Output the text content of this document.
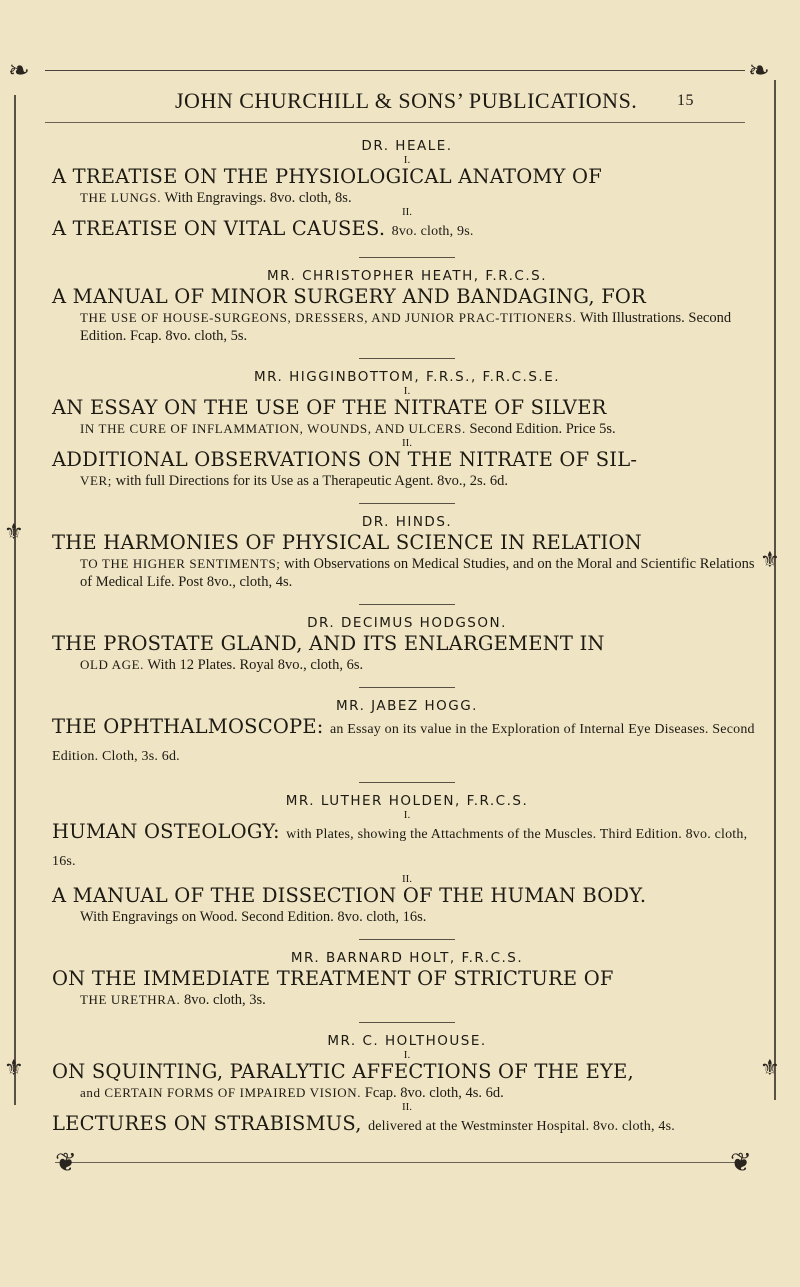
❧	❧
⚜
⚜
⚜	⚜
❦	❦
JOHN CHURCHILL & SONS’ PUBLICATIONS. 15

DR. HEALE.

I.

A TREATISE ON THE PHYSIOLOGICAL ANATOMY OF

THE LUNGS. With Engravings. 8vo. cloth, 8s.

II.

A TREATISE ON VITAL CAUSES. 8vo. cloth, 9s.

MR. CHRISTOPHER HEATH, F.R.C.S.

A MANUAL OF MINOR SURGERY AND BANDAGING, FOR

THE USE OF HOUSE-SURGEONS, DRESSERS, AND JUNIOR PRAC-TITIONERS. With Illustrations. Second Edition. Fcap. 8vo. cloth, 5s.

MR. HIGGINBOTTOM, F.R.S., F.R.C.S.E.

I.

AN ESSAY ON THE USE OF THE NITRATE OF SILVER

IN THE CURE OF INFLAMMATION, WOUNDS, AND ULCERS. Second Edition. Price 5s.

II.

ADDITIONAL OBSERVATIONS ON THE NITRATE OF SIL-

VER; with full Directions for its Use as a Therapeutic Agent. 8vo., 2s. 6d.

DR. HINDS.

THE HARMONIES OF PHYSICAL SCIENCE IN RELATION

TO THE HIGHER SENTIMENTS; with Observations on Medical Studies, and on the Moral and Scientific Relations of Medical Life. Post 8vo., cloth, 4s.

DR. DECIMUS HODGSON.

THE PROSTATE GLAND, AND ITS ENLARGEMENT IN

OLD AGE. With 12 Plates. Royal 8vo., cloth, 6s.

MR. JABEZ HOGG.

THE OPHTHALMOSCOPE: an Essay on its value in the Exploration of Internal Eye Diseases. Second Edition. Cloth, 3s. 6d.

MR. LUTHER HOLDEN, F.R.C.S.

I.

HUMAN OSTEOLOGY: with Plates, showing the Attachments of the Muscles. Third Edition. 8vo. cloth, 16s.

II.

A MANUAL OF THE DISSECTION OF THE HUMAN BODY.

With Engravings on Wood. Second Edition. 8vo. cloth, 16s.

MR. BARNARD HOLT, F.R.C.S.

ON THE IMMEDIATE TREATMENT OF STRICTURE OF

THE URETHRA. 8vo. cloth, 3s.

MR. C. HOLTHOUSE.

I.

ON SQUINTING, PARALYTIC AFFECTIONS OF THE EYE,

and CERTAIN FORMS OF IMPAIRED VISION. Fcap. 8vo. cloth, 4s. 6d.

II.

LECTURES ON STRABISMUS, delivered at the Westminster Hospital. 8vo. cloth, 4s.
